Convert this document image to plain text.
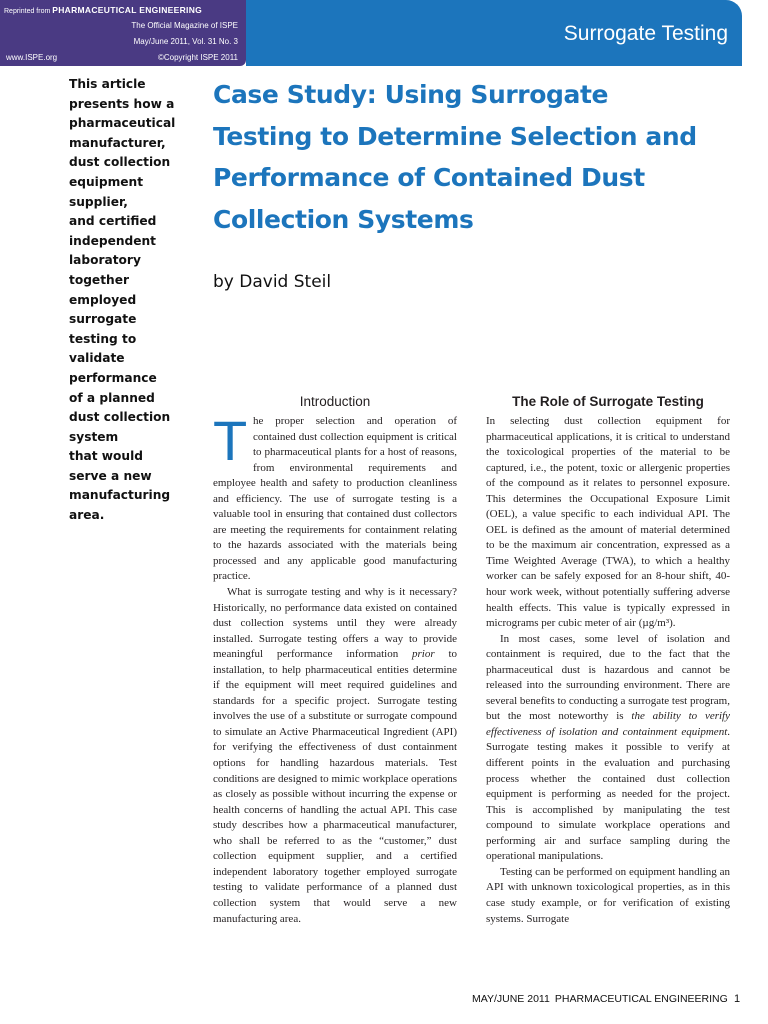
Reprinted from PHARMACEUTICAL ENGINEERING
The Official Magazine of ISPE
May/June 2011, Vol. 31 No. 3
www.ISPE.org	©Copyright ISPE 2011
Surrogate Testing
This article
presents how a
pharmaceutical
manufacturer,
dust collection
equipment
supplier,
and certified
independent
laboratory
together
employed
surrogate
testing to
validate
performance
of a planned
dust collection
system
that would
serve a new
manufacturing
area.
Case Study: Using Surrogate
Testing to Determine Selection and
Performance of Contained Dust
Collection Systems
by David Steil
Introduction

T he proper selection and operation of contained dust collection equipment is critical to pharmaceutical plants for a host of reasons, from environmental requirements and employee health and safety to production cleanliness and efficiency. The use of surrogate testing is a valuable tool in ensuring that contained dust collectors are meeting the requirements for containment relating to the hazards associated with the materials being processed and any applicable good manufacturing practice.

What is surrogate testing and why is it necessary? Historically, no performance data existed on contained dust collection systems until they were already installed. Surrogate testing offers a way to provide meaningful performance information prior to installation, to help pharmaceutical entities determine if the equipment will meet required guidelines and standards for a specific project. Surrogate testing involves the use of a substitute or surrogate compound to simulate an Active Pharmaceutical Ingredient (API) for verifying the effectiveness of dust containment options for handling hazardous materials. Test conditions are designed to mimic workplace operations as closely as possible without incurring the expense or health concerns of handling the actual API. This case study describes how a pharmaceutical manufacturer, who shall be referred to as the “customer,” dust collection equipment supplier, and a certified independent laboratory together employed surrogate testing to validate performance of a planned dust collection system that would serve a new manufacturing area.

The Role of Surrogate Testing

In selecting dust collection equipment for pharmaceutical applications, it is critical to understand the toxicological properties of the material to be captured, i.e., the potent, toxic or allergenic properties of the compound as it relates to personnel exposure. This determines the Occupational Exposure Limit (OEL), a value specific to each individual API. The OEL is defined as the amount of material determined to be the maximum air concentration, expressed as a Time Weighted Average (TWA), to which a healthy worker can be safely exposed for an 8-hour shift, 40-hour work week, without potentially suffering adverse health effects. This value is typically expressed in micrograms per cubic meter of air (µg/m³).

In most cases, some level of isolation and containment is required, due to the fact that the pharmaceutical dust is hazardous and cannot be released into the surrounding environment. There are several benefits to conducting a surrogate test program, but the most noteworthy is the ability to verify effectiveness of isolation and containment equipment. Surrogate testing makes it possible to verify at different points in the evaluation and purchasing process whether the contained dust collection equipment is performing as needed for the project. This is accomplished by manipulating the test compound to simulate workplace operations and performing air and surface sampling during the operational manipulations.

Testing can be performed on equipment handling an API with unknown toxicological properties, as in this case study example, or for verification of existing systems. Surrogate

MAY/JUNE 2011 PHARMACEUTICAL ENGINEERING 1
